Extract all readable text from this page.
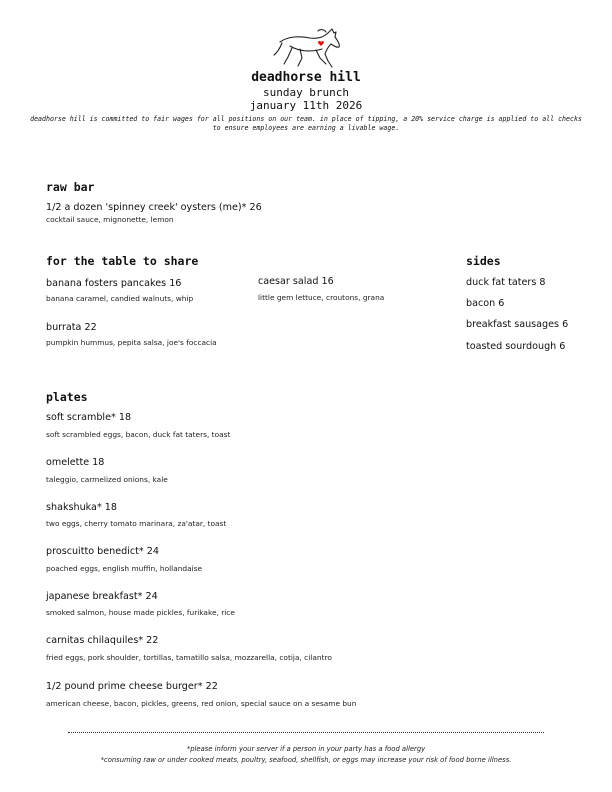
deadhorse hill
sunday brunch
january 11th 2026
deadhorse hill is committed to fair wages for all positions on our team. in place of tipping, a 20% service charge is applied to all checks to ensure employees are earning a livable wage.
raw bar
1/2 a dozen 'spinney creek' oysters (me)* 26
cocktail sauce, mignonette, lemon
for the table to share
banana fosters pancakes 16
banana caramel, candied walnuts, whip
caesar salad 16
little gem lettuce, croutons, grana
burrata 22
pumpkin hummus, pepita salsa, joe's foccacia
sides
duck fat taters 8
bacon 6
breakfast sausages 6
toasted sourdough 6
plates
soft scramble* 18
soft scrambled eggs, bacon, duck fat taters, toast
omelette 18
taleggio, carmelized onions, kale
shakshuka* 18
two eggs, cherry tomato marinara, za'atar, toast
proscuitto benedict* 24
poached eggs, english muffin, hollandaise
japanese breakfast* 24
smoked salmon, house made pickles, furikake, rice
carnitas chilaquiles* 22
fried eggs, pork shoulder, tortillas, tamatillo salsa, mozzarella, cotija, cilantro
1/2 pound prime cheese burger* 22
american cheese, bacon, pickles, greens, red onion, special sauce on a sesame bun
*please inform your server if a person in your party has a food allergy
*consuming raw or under cooked meats, poultry, seafood, shellfish, or eggs may increase your risk of food borne illness.
